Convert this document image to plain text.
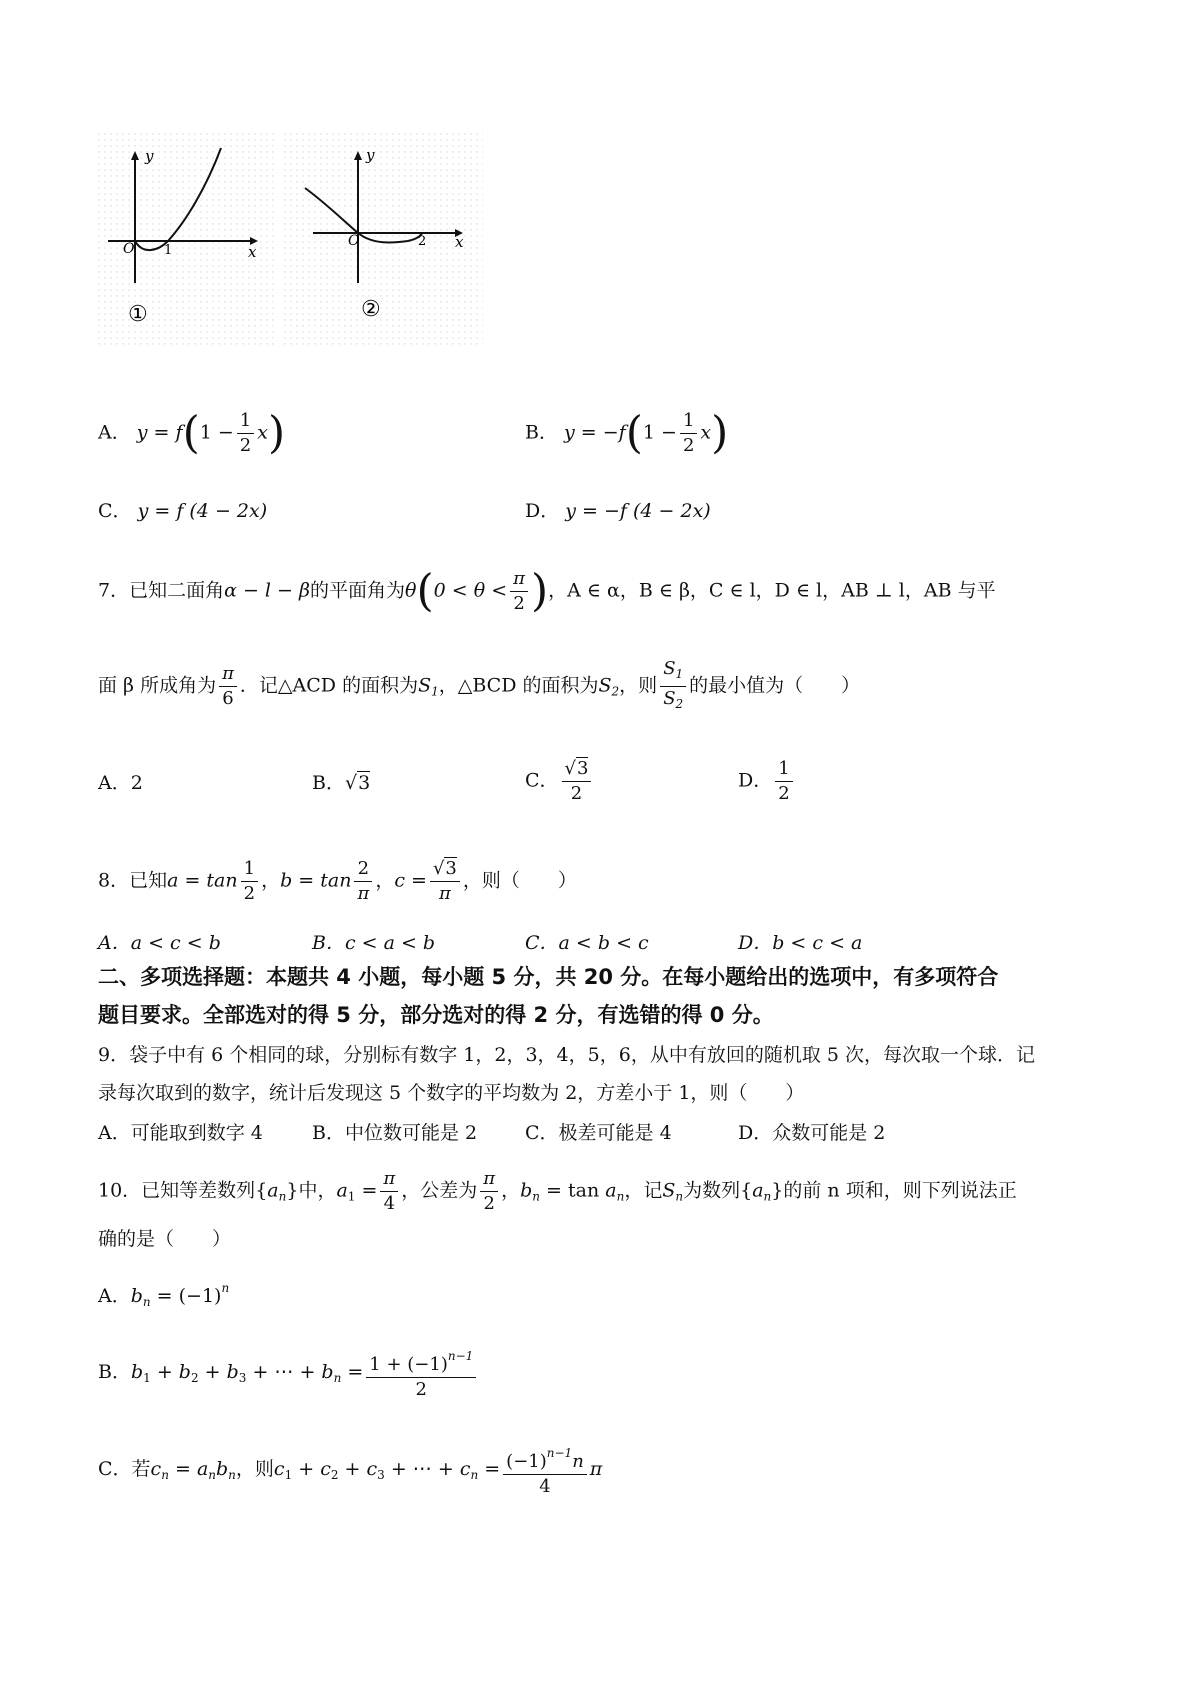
y
x
O 1
①
y
x
O	2
②
A． $y = f(1 - \frac{1}{2} x)$	B． $y = -f(1 - \frac{1}{2} x)$
C． y = f (4 − 2x)	D． y = −f (4 − 2x)
7．已知二面角α − l − β的平面角为$\theta(0 < \theta < \frac{\pi}{2}$ )，A ∈ α，B ∈ β，C ∈ l，D ∈ l，AB ⊥ l，AB 与平
面 β 所成角为 $\frac{\pi}{6}$ ．记△ACD 的面积为$S_1$，△BCD 的面积为$S_2$，则 $\frac{S_1}{S_2}$ 的最小值为（　　）
A．2	B．√3	C． $\frac{√3}{2}$	D． $\frac{1}{2}$
8．已知$a = \tan \frac{1}{2}$ ，$b = \tan \frac{2}{\pi}$ ，$c = \frac{√3}{\pi}$ ，则（　　）
A．a < c < b	B．c < a < b	C．a < b < c	D．b < c < a
二、多项选择题：本题共 4 小题，每小题 5 分，共 20 分。在每小题给出的选项中，有多项符合
题目要求。全部选对的得 5 分，部分选对的得 2 分，有选错的得 0 分。
9．袋子中有 6 个相同的球，分别标有数字 1，2，3，4，5，6，从中有放回的随机取 5 次，每次取一个球．记
录每次取到的数字，统计后发现这 5 个数字的平均数为 2，方差小于 1，则（　　）
A．可能取到数字 4	B．中位数可能是 2	C．极差可能是 4	D．众数可能是 2
10．已知等差数列$\{a_n\}$中，$a_1 = \frac{\pi}{4}$ ，公差为 $\frac{\pi}{2}$ ，$b_n = \tan a_n$，记$S_n$为数列$\{a_n\}$的前 n 项和，则下列说法正
确的是（　　）
A．$b_n = (-1)^n$
B．$b_1 + b_2 + b_3$ + ⋯ + $b_n = \frac{1 + (-1)^{n-1}}{2}$
C．若$c_n = a_nb_n$，则$c_1 + c_2 + c_3$ + ⋯ + $c_n = \frac{(-1)^{n-1}n}{4}$ π
